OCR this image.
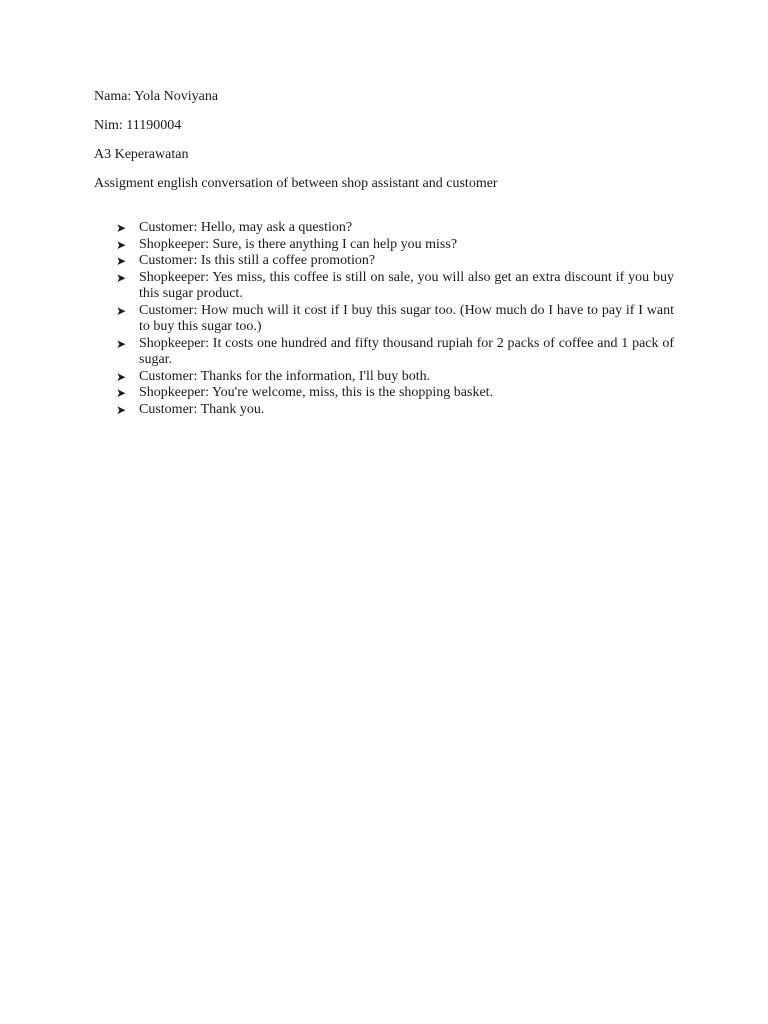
Nama: Yola Noviyana

Nim: 11190004

A3 Keperawatan

Assigment english conversation of between shop assistant and customer

➤ Customer: Hello, may ask a question?
➤ Shopkeeper: Sure, is there anything I can help you miss?
➤ Customer: Is this still a coffee promotion?
➤ Shopkeeper: Yes miss, this coffee is still on sale, you will also get an extra discount if you buy this sugar product.
➤ Customer: How much will it cost if I buy this sugar too. (How much do I have to pay if I want to buy this sugar too.)
➤ Shopkeeper: It costs one hundred and fifty thousand rupiah for 2 packs of coffee and 1 pack of sugar.
➤ Customer: Thanks for the information, I'll buy both.
➤ Shopkeeper: You're welcome, miss, this is the shopping basket.
➤ Customer: Thank you.
